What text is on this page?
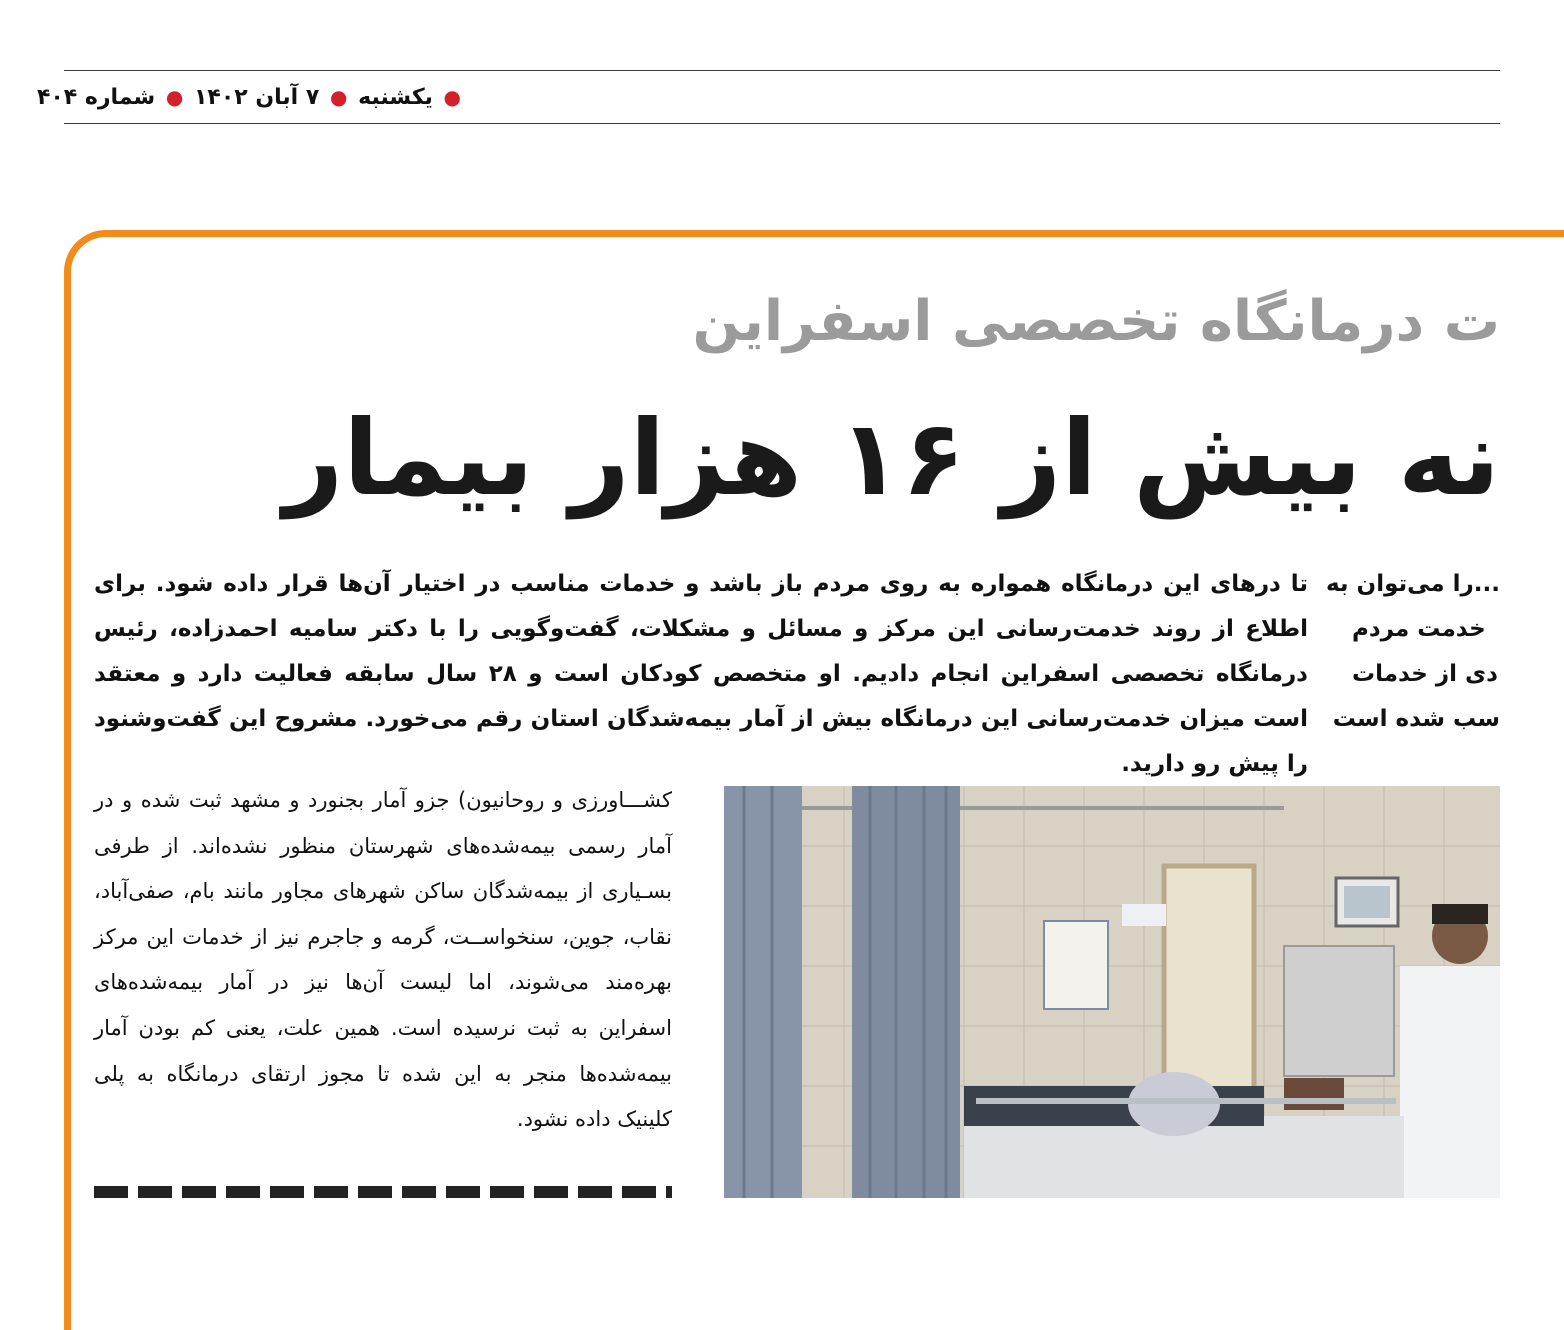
● یکشنبه ● ۷ آبان ۱۴۰۲ ● شماره ۴۰۴
ت درمانگاه تخصصی اسفراین
نه بیش از ۱۶ هزار بیمار
تا درهای این درمانگاه همواره به روی مردم باز باشد و خدمات مناسب در اختیار آن‌ها قرار داده شود. برای اطلاع از روند خدمت‌رسانی این مرکز و مسائل و مشکلات، گفت‌وگویی را با دکتر سامیه احمدزاده، رئیس درمانگاه تخصصی اسفراین انجام دادیم. او متخصص کودکان است و ۲۸ سال سابقه فعالیت دارد و معتقد است میزان خدمت‌رسانی این درمانگاه بیش از آمار بیمه‌شدگان استان رقم می‌خورد. مشروح این گفت‌وشنود را پیش رو دارید.
...را می‌توان به
خدمت مردم
دی از خدمات
سب شده است
کشـــاورزی و روحانیون) جزو آمار بجنورد و مشهد ثبت شده و در آمار رسمی بیمه‌شده‌های شهرستان منظور نشده‌اند. از طرفی بسـیاری از بیمه‌شدگان ساکن شهرهای مجاور مانند بام، صفی‌آباد، نقاب، جوین، سنخواســت، گرمه و جاجرم نیز از خدمات این مرکز بهره‌مند می‌شوند، اما لیست آن‌ها نیز در آمار بیمه‌شده‌های اسفراین به ثبت نرسیده است. همین علت، یعنی کم بودن آمار بیمه‌شده‌ها منجر به این شده تا مجوز ارتقای درمانگاه به پلی کلینیک داده نشود.
